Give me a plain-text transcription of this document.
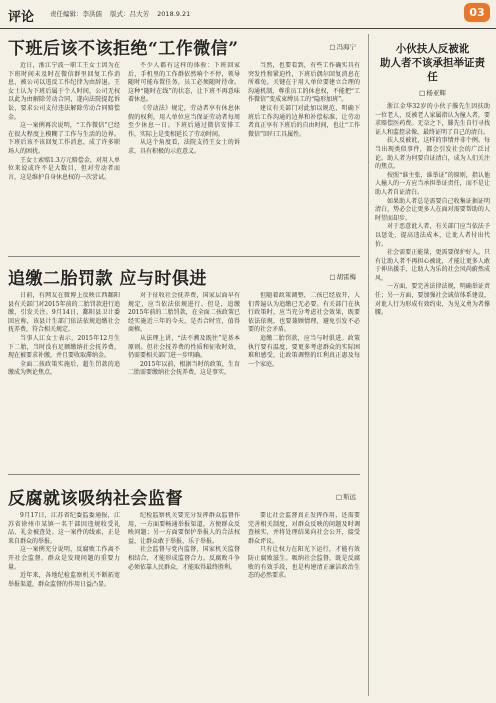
评论 责任编辑：李洪儒 版式：吕大芳 2018.9.21	03
下班后该不该拒绝“工作微信”	□ 冯海宁

近日，浙江宁波一职工王女士因为在下班时间未及时在微信群里回复工作消息，被公司以违反工作纪律为由辞退。王女士认为下班后属于个人时间，公司无权以此为由解除劳动合同，遂向法院提起诉讼，要求公司支付违法解除劳动合同赔偿金。

这一案例再次说明，“工作微信”已经在很大程度上模糊了工作与生活的边界。下班后该不该回复工作消息，成了许多职场人的困扰。

王女士索赔1.3万元赔偿金，对用人单位来说或许不是大数目，但对劳动者而言，这是维护自身休息权的一次尝试。

不少人都有这样的体验：下班回家后，手机里的工作群依然响个不停，领导随时可能布置任务，员工必须随时待命。这种“随时在线”的状态，让下班不再意味着休息。

《劳动法》规定，劳动者享有休息休假的权利，用人单位应当保证劳动者每周至少休息一日。下班后通过微信安排工作，实际上是变相延长了劳动时间。

从这个角度看，法院支持王女士的诉求，具有积极的示范意义。

当然，也要看到，有些工作确实具有突发性和紧迫性，下班后偶尔回复消息在所难免。关键在于用人单位要建立合理的沟通机制，尊重员工的休息权，不能把“工作微信”变成束缚员工的“隐形加班”。

建议有关部门对此加以规范，明确下班后工作沟通的边界和补偿标准，让劳动者真正享有下班后的自由时间，也让“工作微信”回归工具属性。

追缴二胎罚款 应与时俱进	□ 胡雷梅

日前，有网友在微博上反映江西鄱阳县有关部门对2015年前的二胎罚款进行追缴，引发关注。9月14日，鄱阳县卫计委回应称，该县计生部门依法依规追缴社会抚养费，符合相关规定。

当事人江女士表示，2015年12月生下二胎，当时没有足额缴纳社会抚养费，现在被要求补缴，并且要收取滞纳金。

全面二孩政策实施后，超生罚款的追缴成为舆论焦点。

对于征收社会抚养费，国家层面早有规定，应当依法依规进行。但是，追缴2015年前的二胎罚款，在全面二孩政策已经实施近三年的今天，是否合时宜，值得商榷。

从法理上讲，“法不溯及既往”是基本原则。但社会抚养费的性质和征收时效，仍需要相关部门进一步明确。

2015年以前，根据当时的政策，生育二胎需要缴纳社会抚养费，这是事实。

但随着政策调整，二孩已经放开，人们普遍认为追缴已无必要。有关部门在执行政策时，应当充分考虑社会效果，既要依法依规，也要兼顾情理，避免引发不必要的社会矛盾。

追缴二胎罚款，应当与时俱进。政策执行要有温度，要更多考虑群众的实际困难和感受，让政策调整的红利真正惠及每一个家庭。

反腐就该吸纳社会监督	□ 斯远

9月17日，江苏省纪委监委通报，江苏省徐州市某镇一名干部因违规收受礼品、礼金被查处。这一案件的线索，正是来自群众的举报。

这一案例充分说明，反腐败工作离不开社会监督，群众是发现问题的重要力量。

近年来，各地纪检监察机关不断拓宽举报渠道，群众监督的作用日益凸显。

纪检监察机关要充分发挥群众监督作用，一方面要畅通举报渠道，方便群众反映问题；另一方面要保护举报人的合法权益，让群众敢于举报、乐于举报。

社会监督与党内监督、国家机关监督相结合，才能形成监督合力。反腐败斗争必须依靠人民群众，才能取得最终胜利。

要让社会监督真正发挥作用，还需要完善相关制度，对群众反映的问题及时调查核实，并将处理结果向社会公开，接受群众评议。

只有让权力在阳光下运行，才能有效防止腐败滋生。吸纳社会监督，既是反腐败的有效手段，也是构建清正廉洁政治生态的必然要求。

小伙扶人反被讹
助人者不该承担举证责任
□ 杨亚辉

浙江金华32岁的小伙子滕先生因扶助一位老人，反被老人家属指认为撞人者，要求赔偿医药费。无奈之下，滕先生自行寻找证人和监控录像，最终证明了自己的清白。

扶人反被讹，这样的事情并非个例。每当出现类似事件，都会引发社会的广泛讨论。助人者为何要自证清白，成为人们关注的焦点。

按照“谁主张，谁举证”的原则，指认他人撞人的一方应当承担举证责任，而不是让助人者自证清白。

如果助人者总是需要自己收集证据证明清白，势必会让更多人在面对需要帮助的人时望而却步。

对于恶意讹人者，有关部门应当依法予以惩处，提高违法成本，让讹人者付出代价。

社会需要正能量，更需要保护好人。只有让助人者不再担心被讹，才能让更多人敢于伸出援手，让助人为乐的社会风尚蔚然成风。

一方面，要完善法律法规，明确举证责任；另一方面，要加强社会诚信体系建设，对讹人行为形成有效约束，为见义勇为者撑腰。
